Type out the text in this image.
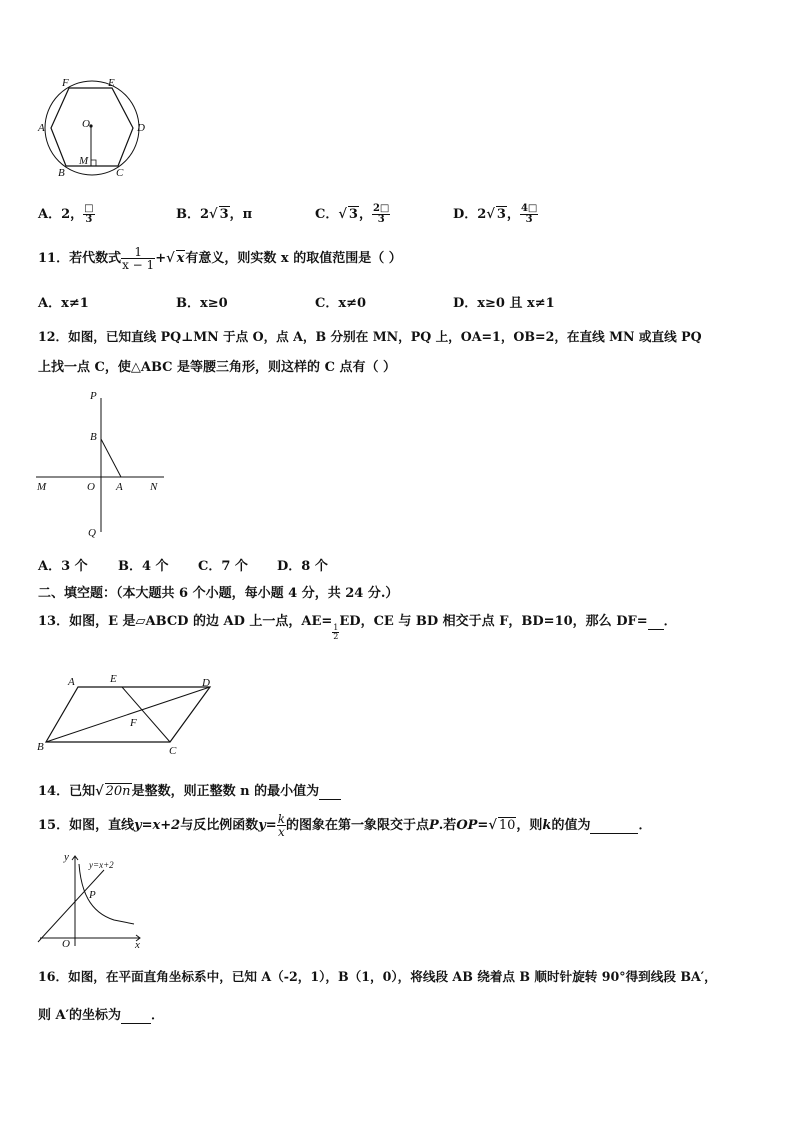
F	E
A	D
O
M
B	C
A．2， $\frac{□}{3}$	B．2√ 3，π	C．√ 3， $\frac{2□}{3}$	D．2√ 3， $\frac{4□}{3}$
11．若代数式 $\frac{1}{x - 1}$ +√ x有意义，则实数 x 的取值范围是（ ）
A．x≠1	B．x≥0	C．x≠0	D．x≥0 且 x≠1
12．如图，已知直线 PQ⊥MN 于点 O，点 A，B 分别在 MN，PQ 上，OA=1，OB=2，在直线 MN 或直线 PQ
上找一点 C，使△ABC 是等腰三角形，则这样的 C 点有（ ）
P
B
M	O A N
Q
A．3 个 B．4 个 C．7 个 D．8 个
二、填空题：（本大题共 6 个小题，每小题 4 分，共 24 分.）
13．如图，E 是▱ABCD 的边 AD 上一点，AE=
$\frac{1}{2}$
ED，CE 与 BD 相交于点 F，BD=10，那么 DF= ．
A	E	D
F
B	C
14．已知√ 20n是整数，则正整数 n 的最小值为
15．如图，直线y=x+2与反比例函数$y= \frac{k}{x}$ 的图象在第一象限交于点P.若OP=√ 10，则k的值为	．
y
y=x+2
P
O	x
16．如图，在平面直角坐标系中，已知 A（-2，1），B（1，0），将线段 AB 绕着点 B 顺时针旋转 90°得到线段 BA′，
则 A′的坐标为 ．
